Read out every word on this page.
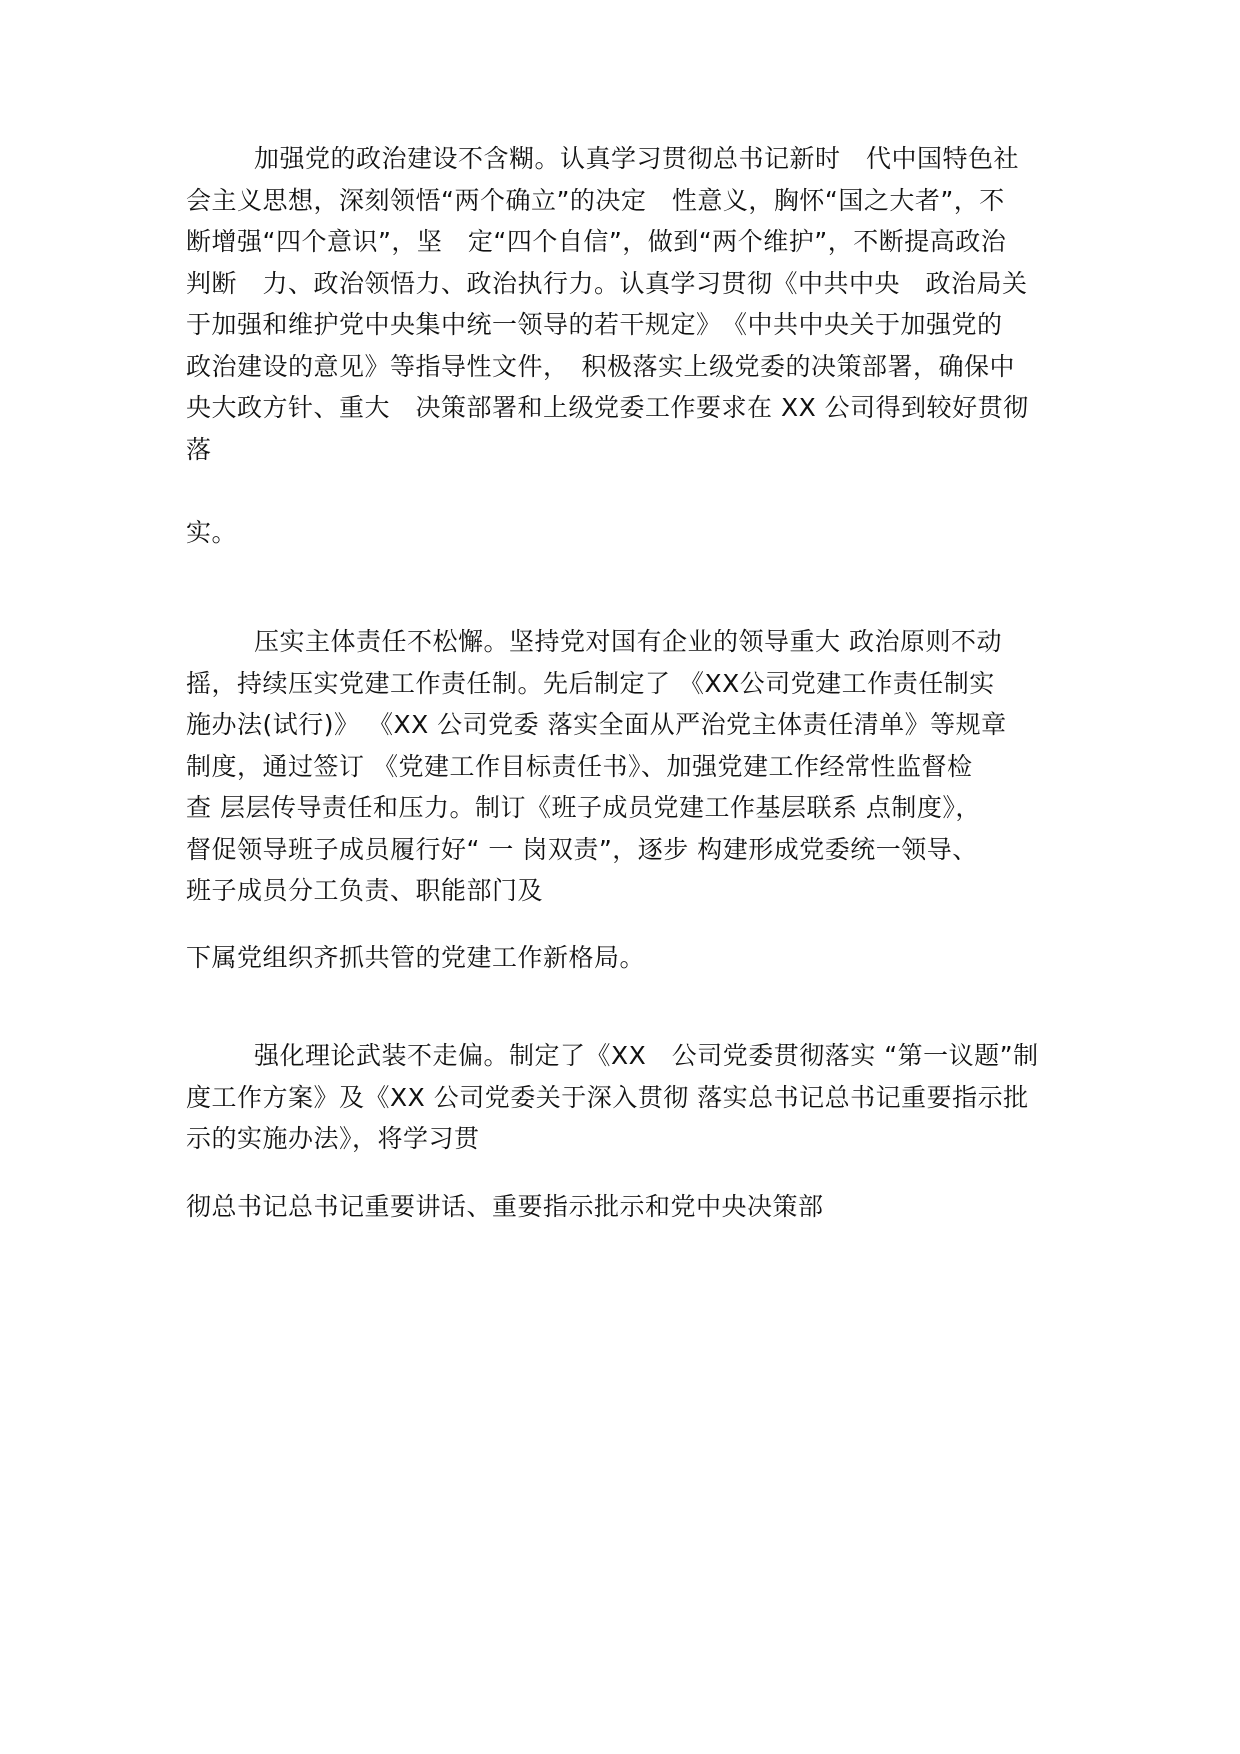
加强党的政治建设不含糊。认真学习贯彻总书记新时　代中国特色社
会主义思想，深刻领悟“两个确立”的决定　性意义，胸怀“国之大者”，不
断增强“四个意识”，坚　定“四个自信”，做到“两个维护”，不断提高政治
判断　力、政治领悟力、政治执行力。认真学习贯彻《中共中央　政治局关
于加强和维护党中央集中统一领导的若干规定》　《中共中央关于加强党的
政治建设的意见》等指导性文件，　积极落实上级党委的决策部署，确保中
央大政方针、重大　决策部署和上级党委工作要求在 XX 公司得到较好贯彻
落
实。
压实主体责任不松懈。坚持党对国有企业的领导重大 政治原则不动
摇，持续压实党建工作责任制。先后制定了 《XX公司党建工作责任制实
施办法(试行)》 《XX 公司党委 落实全面从严治党主体责任清单》等规章
制度，通过签订 《党建工作目标责任书》、加强党建工作经常性监督检
查 层层传导责任和压力。制订《班子成员党建工作基层联系 点制度》，
督促领导班子成员履行好“ 一 岗双责”，逐步 构建形成党委统一领导、
班子成员分工负责、职能部门及
下属党组织齐抓共管的党建工作新格局。
强化理论武装不走偏。制定了《XX　公司党委贯彻落实 “第一议题”制
度工作方案》及《XX 公司党委关于深入贯彻 落实总书记总书记重要指示批
示的实施办法》，将学习贯
彻总书记总书记重要讲话、重要指示批示和党中央决策部
